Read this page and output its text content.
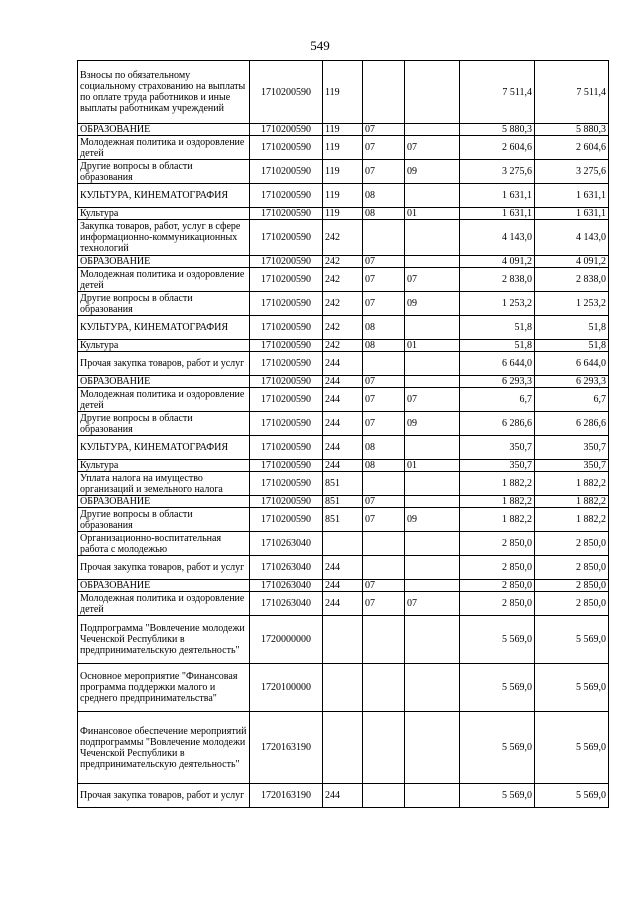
549
Взносы по обязательному социальному страхованию на выплаты по оплате труда работников и иные выплаты работникам учреждений	1710200590	119			7 511,4	7 511,4
ОБРАЗОВАНИЕ	1710200590	119	07		5 880,3	5 880,3
Молодежная политика и оздоровление детей	1710200590	119	07	07	2 604,6	2 604,6
Другие вопросы в области образования	1710200590	119	07	09	3 275,6	3 275,6
КУЛЬТУРА, КИНЕМАТОГРАФИЯ	1710200590	119	08		1 631,1	1 631,1
Культура	1710200590	119	08	01	1 631,1	1 631,1
Закупка товаров, работ, услуг в сфере информационно-коммуникационных технологий	1710200590	242			4 143,0	4 143,0
ОБРАЗОВАНИЕ	1710200590	242	07		4 091,2	4 091,2
Молодежная политика и оздоровление детей	1710200590	242	07	07	2 838,0	2 838,0
Другие вопросы в области образования	1710200590	242	07	09	1 253,2	1 253,2
КУЛЬТУРА, КИНЕМАТОГРАФИЯ	1710200590	242	08		51,8	51,8
Культура	1710200590	242	08	01	51,8	51,8
Прочая закупка товаров, работ и услуг	1710200590	244			6 644,0	6 644,0
ОБРАЗОВАНИЕ	1710200590	244	07		6 293,3	6 293,3
Молодежная политика и оздоровление детей	1710200590	244	07	07	6,7	6,7
Другие вопросы в области образования	1710200590	244	07	09	6 286,6	6 286,6
КУЛЬТУРА, КИНЕМАТОГРАФИЯ	1710200590	244	08		350,7	350,7
Культура	1710200590	244	08	01	350,7	350,7
Уплата налога на имущество организаций и земельного налога	1710200590	851			1 882,2	1 882,2
ОБРАЗОВАНИЕ	1710200590	851	07		1 882,2	1 882,2
Другие вопросы в области образования	1710200590	851	07	09	1 882,2	1 882,2
Организационно-воспитательная работа с молодежью	1710263040				2 850,0	2 850,0
Прочая закупка товаров, работ и услуг	1710263040	244			2 850,0	2 850,0
ОБРАЗОВАНИЕ	1710263040	244	07		2 850,0	2 850,0
Молодежная политика и оздоровление детей	1710263040	244	07	07	2 850,0	2 850,0
Подпрограмма "Вовлечение молодежи Чеченской Республики в предпринимательскую деятельность"	1720000000				5 569,0	5 569,0
Основное мероприятие "Финансовая программа поддержки малого и среднего предпринимательства"	1720100000				5 569,0	5 569,0
Финансовое обеспечение мероприятий подпрограммы "Вовлечение молодежи Чеченской Республики в предпринимательскую деятельность"	1720163190				5 569,0	5 569,0
Прочая закупка товаров, работ и услуг	1720163190	244			5 569,0	5 569,0
